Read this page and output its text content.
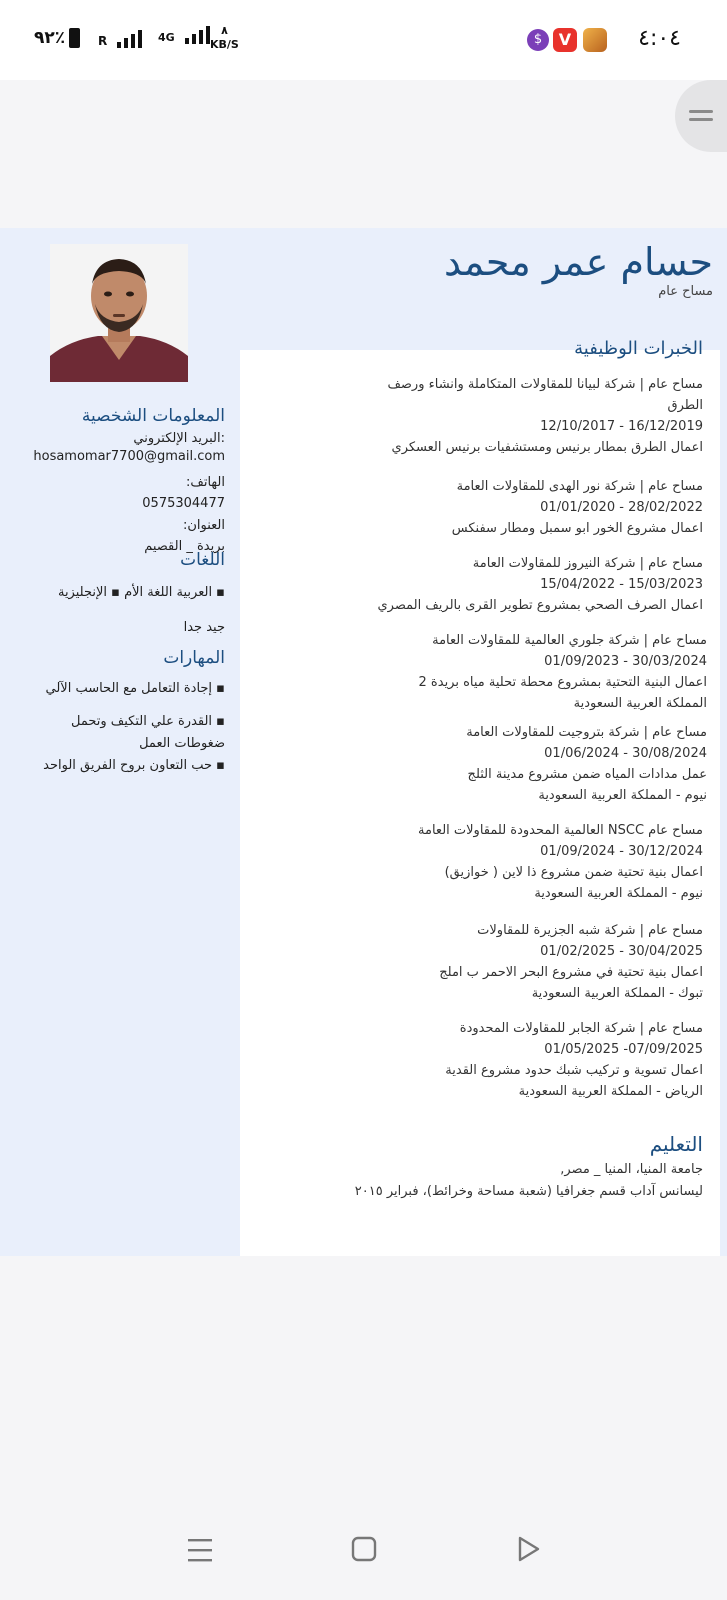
٩٢٪	R	4G
٨
KB/S	$	V	٤:٠٤
حسام عمر محمد
مساح عام
المعلومات الشخصية
:البريد الإلكتروني
hosamomar7700@gmail.com
الهاتف:
0575304477
العنوان:
بريدة _ القصيم
اللغات
▪ العربية اللغة الأم ▪ الإنجليزية
جيد جدا
المهارات
▪ إجادة التعامل مع الحاسب الآلي
▪ القدرة علي التكيف وتحمل
ضغوطات العمل
▪ حب التعاون بروح الفريق الواحد
الخبرات الوظيفية
مساح عام | شركة لبيانا للمقاولات المتكاملة وانشاء ورصف
الطرق
16/12/2019 - 12/10/2017
اعمال الطرق بمطار برنيس ومستشفيات برنيس العسكري
مساح عام | شركة نور الهدى للمقاولات العامة
28/02/2022 - 01/01/2020
اعمال مشروع الخور ابو سمبل ومطار سفنكس
مساح عام | شركة النيروز للمقاولات العامة
15/03/2023 - 15/04/2022
اعمال الصرف الصحي بمشروع تطوير القرى بالريف المصري
مساح عام | شركة جلوري العالمية للمقاولات العامة
30/03/2024 - 01/09/2023
اعمال البنية التحتية بمشروع محطة تحلية مياه بريدة 2
المملكة العربية السعودية
مساح عام | شركة بتروجيت للمقاولات العامة
30/08/2024 - 01/06/2024
عمل مدادات المياه ضمن مشروع مدينة الثلج
نيوم - المملكة العربية السعودية
مساح عام NSCC العالمية المحدودة للمقاولات العامة
30/12/2024 - 01/09/2024
اعمال بنية تحتية ضمن مشروع ذا لاين ( خوازيق)
نيوم - المملكة العربية السعودية
مساح عام | شركة شبه الجزيرة للمقاولات
30/04/2025 - 01/02/2025
اعمال بنية تحتية في مشروع البحر الاحمر ب املج
تبوك - المملكة العربية السعودية
مساح عام | شركة الجابر للمقاولات المحدودة
07/09/2025- 01/05/2025
اعمال تسوية و تركيب شبك حدود مشروع القدية
الرياض - المملكة العربية السعودية
التعليم
جامعة المنيا، المنيا _ مصر,
ليسانس آداب قسم جغرافيا (شعبة مساحة وخرائط)، فبراير ٢٠١٥
